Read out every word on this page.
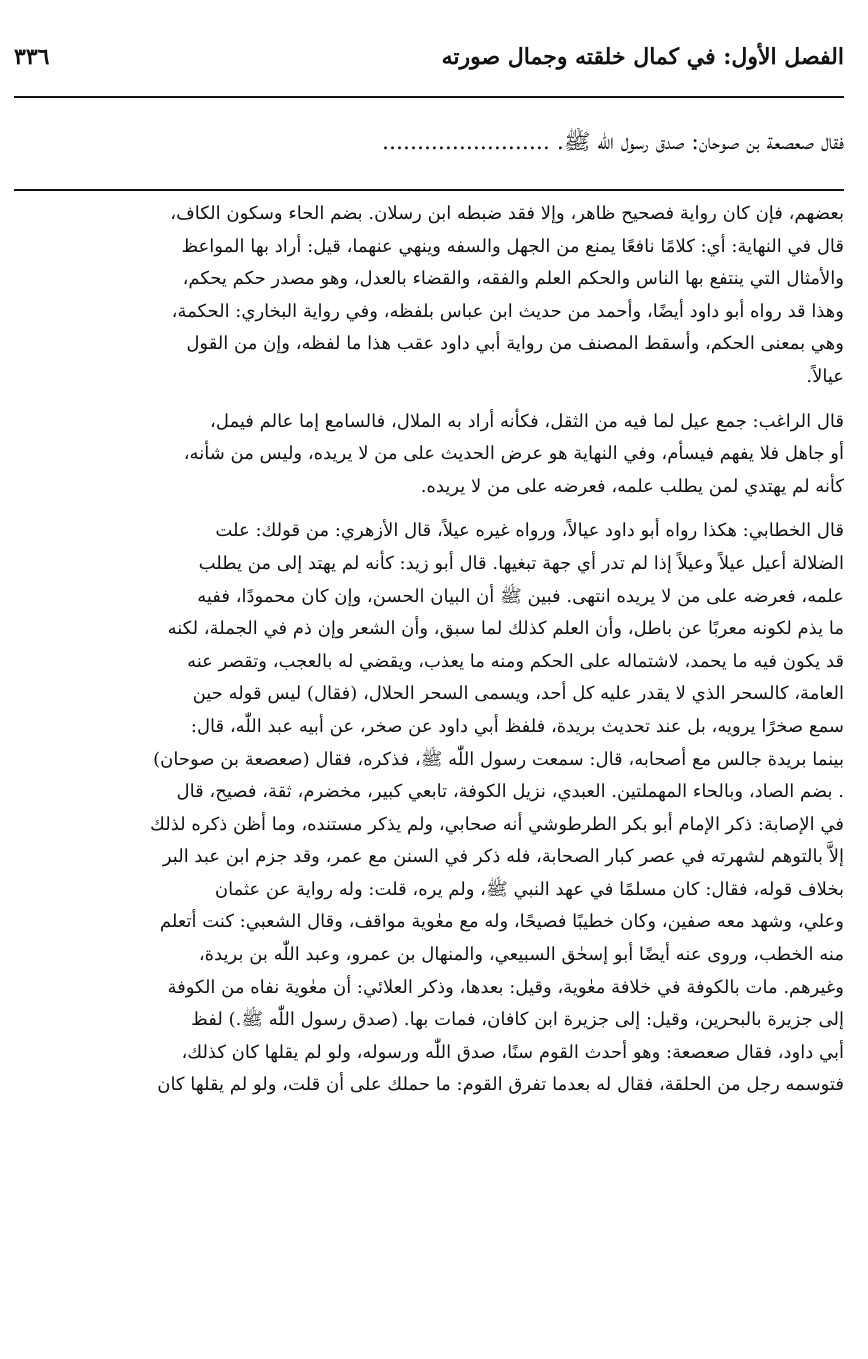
الفصل الأول: في كمال خلقته وجمال صورته
٣٣٦
فقال صعصعة بن صوحان: صدق رسول الله ﷺ. ........................
بعضهم، فإن كان رواية فصحيح ظاهر، وإلا فقد ضبطه ابن رسلان. بضم الحاء وسكون الكاف،
قال في النهاية: أي: كلامًا نافعًا يمنع من الجهل والسفه وينهي عنهما، قيل: أراد بها المواعظ
والأمثال التي ينتفع بها الناس والحكم العلم والفقه، والقضاء بالعدل، وهو مصدر حكم يحكم،
وهذا قد رواه أبو داود أيضًا، وأحمد من حديث ابن عباس بلفظه، وفي رواية البخاري: الحكمة،
وهي بمعنى الحكم، وأسقط المصنف من رواية أبي داود عقب هذا ما لفظه، وإن من القول
عيالاً.
قال الراغب: جمع عيل لما فيه من الثقل، فكأنه أراد به الملال، فالسامع إما عالم فيمل،
أو جاهل فلا يفهم فيسأم، وفي النهاية هو عرض الحديث على من لا يريده، وليس من شأنه،
كأنه لم يهتدي لمن يطلب علمه، فعرضه على من لا يريده.
قال الخطابي: هكذا رواه أبو داود عيالاً، ورواه غيره عيلاً، قال الأزهري: من قولك: علت
الضلالة أعيل عيلاً وعيلاً إذا لم تدر أي جهة تبغيها. قال أبو زيد: كأنه لم يهتد إلى من يطلب
علمه، فعرضه على من لا يريده انتهى. فبين ﷺ أن البيان الحسن، وإن كان محمودًا، ففيه
ما يذم لكونه معربًا عن باطل، وأن العلم كذلك لما سبق، وأن الشعر وإن ذم في الجملة، لكنه
قد يكون فيه ما يحمد، لاشتماله على الحكم ومنه ما يعذب، ويقضي له بالعجب، وتقصر عنه
العامة، كالسحر الذي لا يقدر عليه كل أحد، ويسمى السحر الحلال، (فقال) ليس قوله حين
سمع صخرًا يرويه، بل عند تحديث بريدة، فلفظ أبي داود عن صخر، عن أبيه عبد اللّٰه، قال:
بينما بريدة جالس مع أصحابه، قال: سمعت رسول اللّٰه ﷺ، فذكره، فقال (صعصعة بن صوحان)
. بضم الصاد، وبالحاء المهملتين. العبدي، نزيل الكوفة، تابعي كبير، مخضرم، ثقة، فصيح، قال
في الإصابة: ذكر الإمام أبو بكر الطرطوشي أنه صحابي، ولم يذكر مستنده، وما أظن ذكره لذلك
إلاَّ بالتوهم لشهرته في عصر كبار الصحابة، فله ذكر في السنن مع عمر، وقد جزم ابن عبد البر
بخلاف قوله، فقال: كان مسلمًا في عهد النبي ﷺ، ولم يره، قلت: وله رواية عن عثمان
وعلي، وشهد معه صفين، وكان خطيبًا فصيحًا، وله مع معٰوية مواقف، وقال الشعبي: كنت أتعلم
منه الخطب، وروى عنه أيضًا أبو إسحٰق السبيعي، والمنهال بن عمرو، وعبد اللّٰه بن بريدة،
وغيرهم. مات بالكوفة في خلافة معٰوية، وقيل: بعدها، وذكر العلائي: أن معٰوية نفاه من الكوفة
إلى جزيرة بالبحرين، وقيل: إلى جزيرة ابن كافان، فمات بها. (صدق رسول اللّٰه ﷺ.) لفظ
أبي داود، فقال صعصعة: وهو أحدث القوم سنًا، صدق اللّٰه ورسوله، ولو لم يقلها كان كذلك،
فتوسمه رجل من الحلقة، فقال له بعدما تفرق القوم: ما حملك على أن قلت، ولو لم يقلها كان
